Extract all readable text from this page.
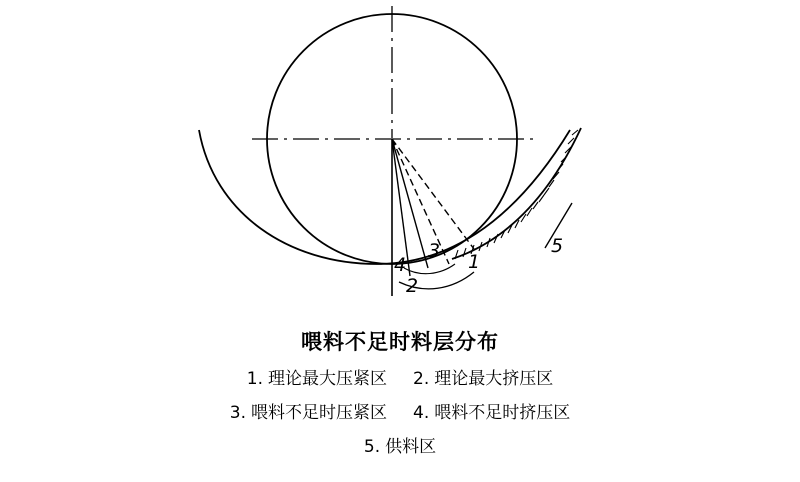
1
2
3
4
5
喂料不足时料层分布
1. 理论最大压紧区 2. 理论最大挤压区
3. 喂料不足时压紧区 4. 喂料不足时挤压区
5. 供料区
